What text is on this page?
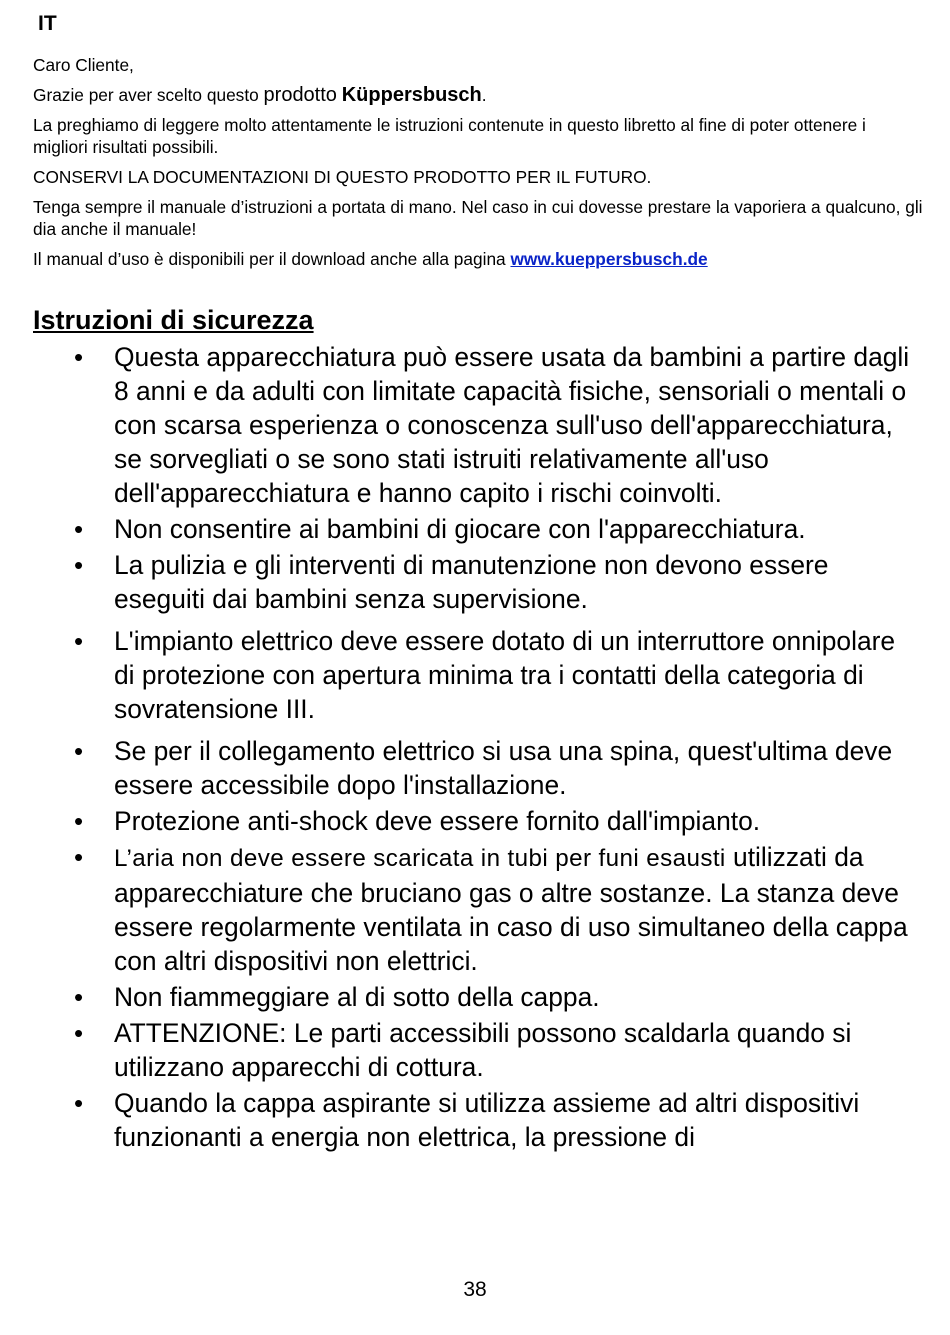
IT

Caro Cliente,

Grazie per aver scelto questo prodotto Küppersbusch.

La preghiamo di leggere molto attentamente le istruzioni contenute in questo libretto al fine di poter ottenere i migliori risultati possibili.

CONSERVI LA DOCUMENTAZIONI DI QUESTO PRODOTTO PER IL FUTURO.

Tenga sempre il manuale d’istruzioni a portata di mano. Nel caso in cui dovesse prestare la vaporiera a qualcuno, gli dia anche il manuale!

Il manual d’uso è disponibili per il download anche alla pagina www.kueppersbusch.de

Istruzioni di sicurezza
• Questa apparecchiatura può essere usata da bambini a partire dagli 8 anni e da adulti con limitate capacità fisiche, sensoriali o mentali o con scarsa esperienza o conoscenza sull'uso dell'apparecchiatura, se sorvegliati o se sono stati istruiti relativamente all'uso dell'apparecchiatura e hanno capito i rischi coinvolti.
• Non consentire ai bambini di giocare con l'apparecchiatura.
• La pulizia e gli interventi di manutenzione non devono essere eseguiti dai bambini senza supervisione.
• L'impianto elettrico deve essere dotato di un interruttore onnipolare di protezione con apertura minima tra i contatti della categoria di sovratensione III.
• Se per il collegamento elettrico si usa una spina, quest'ultima deve essere accessibile dopo l'installazione.
• Protezione anti-shock deve essere fornito dall'impianto.
• L’aria non deve essere scaricata in tubi per funi esausti utilizzati da apparecchiature che bruciano gas o altre sostanze. La stanza deve essere regolarmente ventilata in caso di uso simultaneo della cappa con altri dispositivi non elettrici.
• Non fiammeggiare al di sotto della cappa.
• ATTENZIONE: Le parti accessibili possono scaldarla quando si utilizzano apparecchi di cottura.
• Quando la cappa aspirante si utilizza assieme ad altri dispositivi funzionanti a energia non elettrica, la pressione di
38
